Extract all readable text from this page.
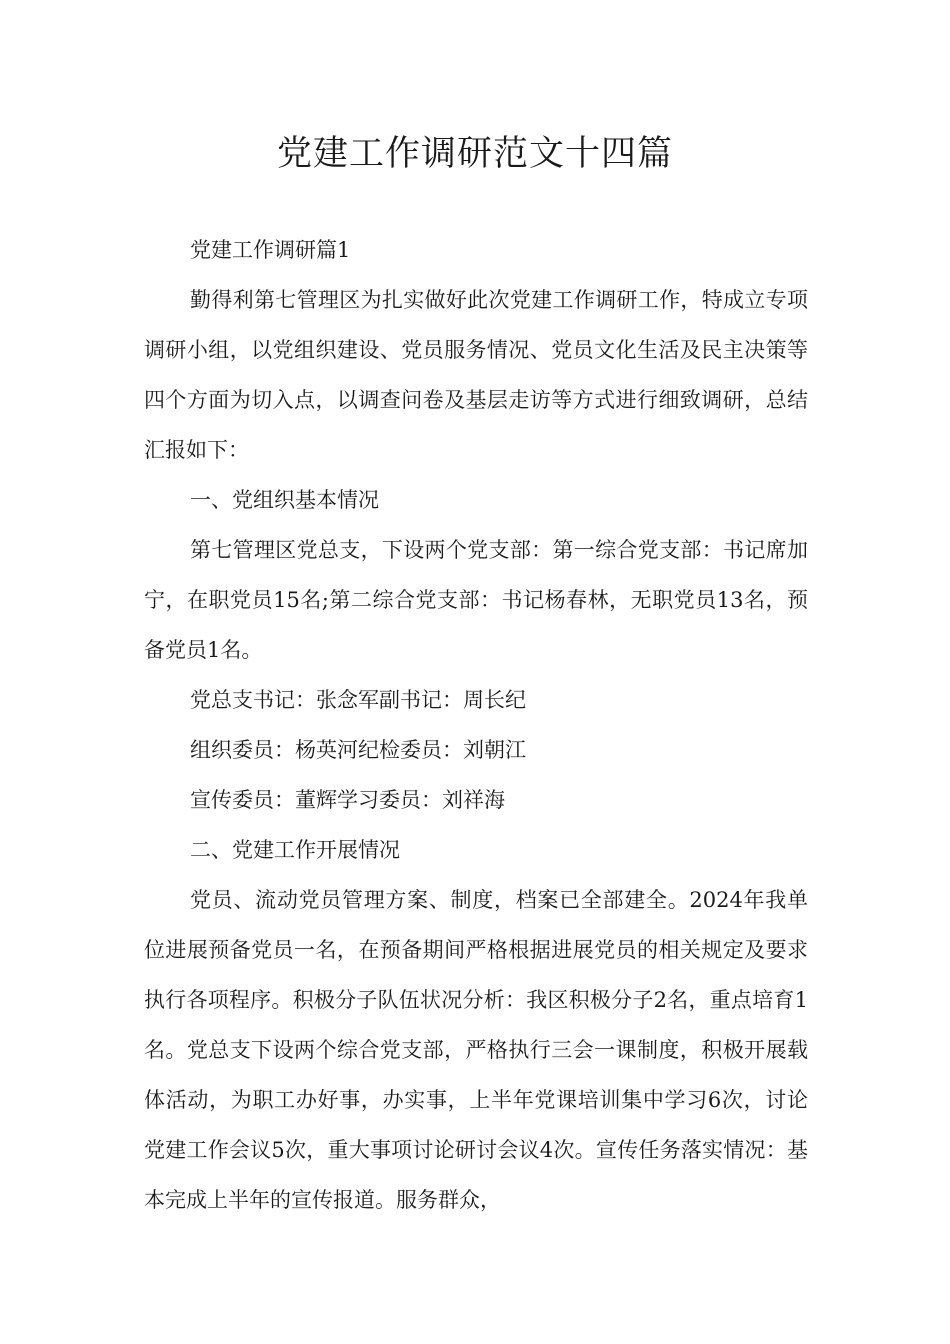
党建工作调研范文十四篇

党建工作调研篇1

勤得利第七管理区为扎实做好此次党建工作调研工作，特成立专项调研小组，以党组织建设、党员服务情况、党员文化生活及民主决策等四个方面为切入点，以调查问卷及基层走访等方式进行细致调研，总结汇报如下：

一、党组织基本情况

第七管理区党总支，下设两个党支部：第一综合党支部：书记席加宁，在职党员15名;第二综合党支部：书记杨春林，无职党员13名，预备党员1名。

党总支书记：张念军副书记：周长纪

组织委员：杨英河纪检委员：刘朝江

宣传委员：董辉学习委员：刘祥海

二、党建工作开展情况

党员、流动党员管理方案、制度，档案已全部建全。2024年我单位进展预备党员一名，在预备期间严格根据进展党员的相关规定及要求执行各项程序。积极分子队伍状况分析：我区积极分子2名，重点培育1名。党总支下设两个综合党支部，严格执行三会一课制度，积极开展载体活动，为职工办好事，办实事，上半年党课培训集中学习6次，讨论党建工作会议5次，重大事项讨论研讨会议4次。宣传任务落实情况：基本完成上半年的宣传报道。服务群众，
